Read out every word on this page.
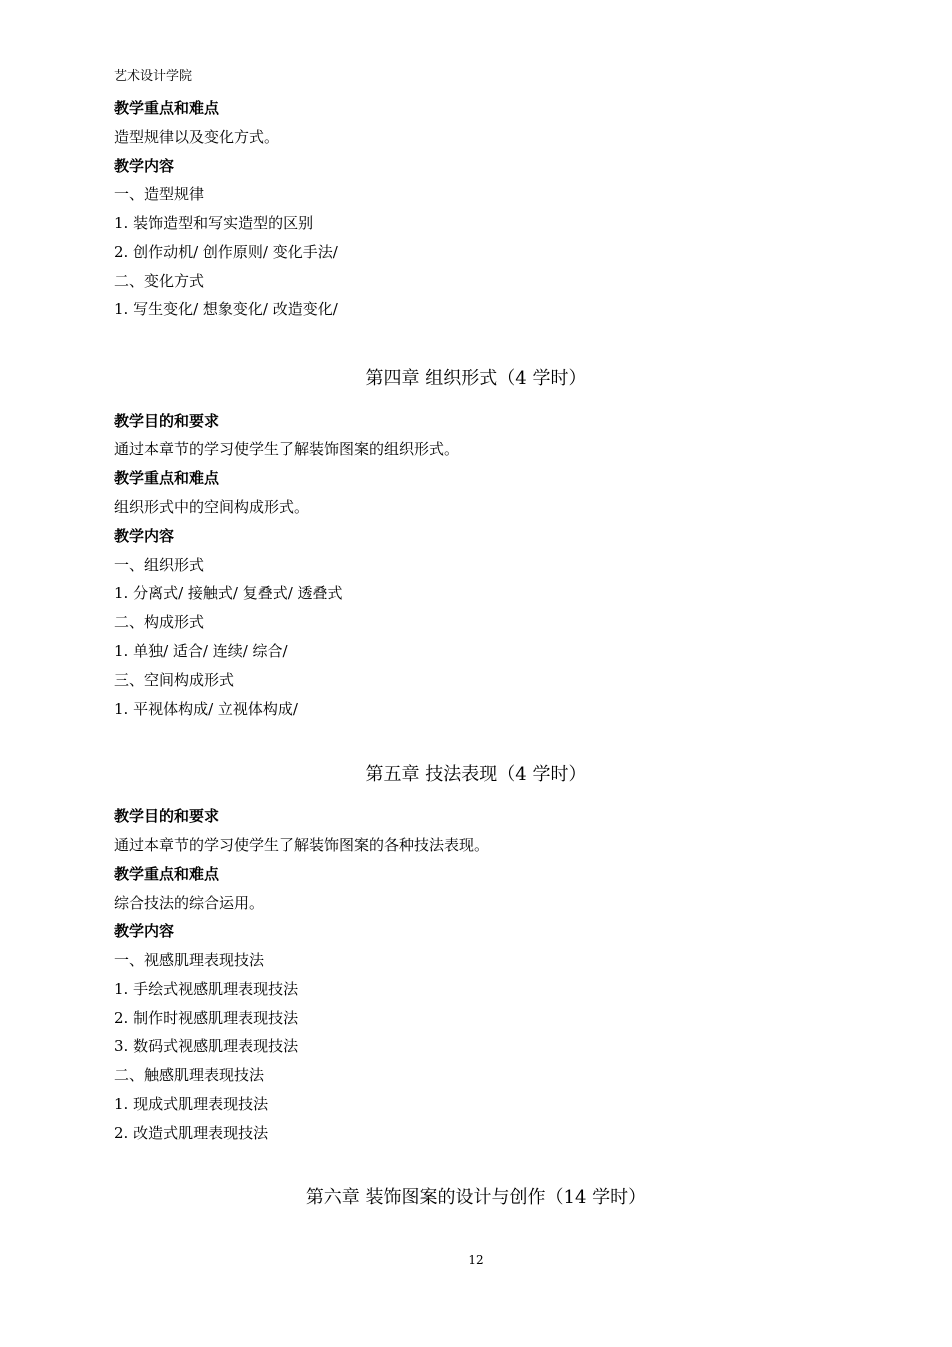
艺术设计学院
教学重点和难点
造型规律以及变化方式。
教学内容
一、造型规律
1. 装饰造型和写实造型的区别
2. 创作动机/ 创作原则/ 变化手法/
二、变化方式
1. 写生变化/ 想象变化/ 改造变化/
第四章 组织形式（4 学时）
教学目的和要求
通过本章节的学习使学生了解装饰图案的组织形式。
教学重点和难点
组织形式中的空间构成形式。
教学内容
一、组织形式
1. 分离式/ 接触式/ 复叠式/ 透叠式
二、构成形式
1. 单独/ 适合/ 连续/ 综合/
三、空间构成形式
1. 平视体构成/ 立视体构成/
第五章 技法表现（4 学时）
教学目的和要求
通过本章节的学习使学生了解装饰图案的各种技法表现。
教学重点和难点
综合技法的综合运用。
教学内容
一、视感肌理表现技法
1. 手绘式视感肌理表现技法
2. 制作时视感肌理表现技法
3. 数码式视感肌理表现技法
二、触感肌理表现技法
1. 现成式肌理表现技法
2. 改造式肌理表现技法
第六章 装饰图案的设计与创作（14 学时）
12
